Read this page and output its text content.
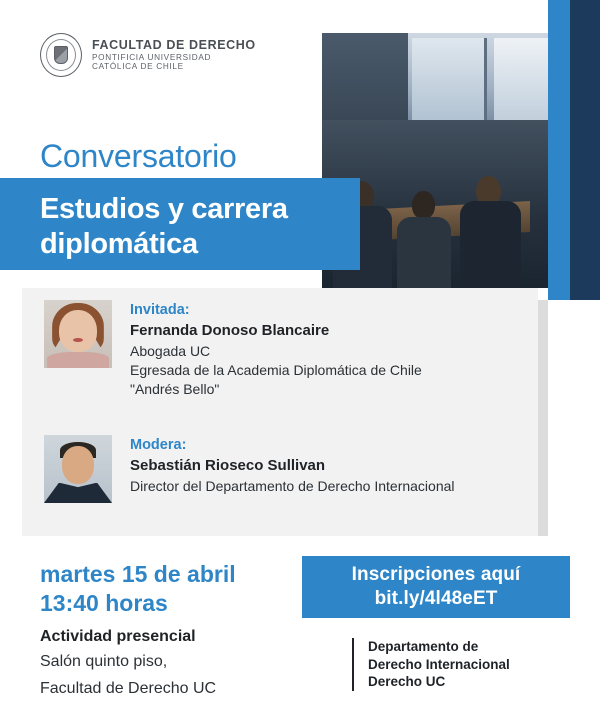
FACULTAD DE DERECHO
PONTIFICIA UNIVERSIDAD
CATÓLICA DE CHILE
Conversatorio
Estudios y carrera
diplomática
Invitada:
Fernanda Donoso Blancaire
Abogada UC
Egresada de la Academia Diplomática de Chile
"Andrés Bello"
Modera:
Sebastián Rioseco Sullivan
Director del Departamento de Derecho Internacional
martes 15 de abril
13:40 horas
Actividad presencial
Salón quinto piso,
Facultad de Derecho UC
Inscripciones aquí
bit.ly/4l48eET
Departamento de
Derecho Internacional
Derecho UC
